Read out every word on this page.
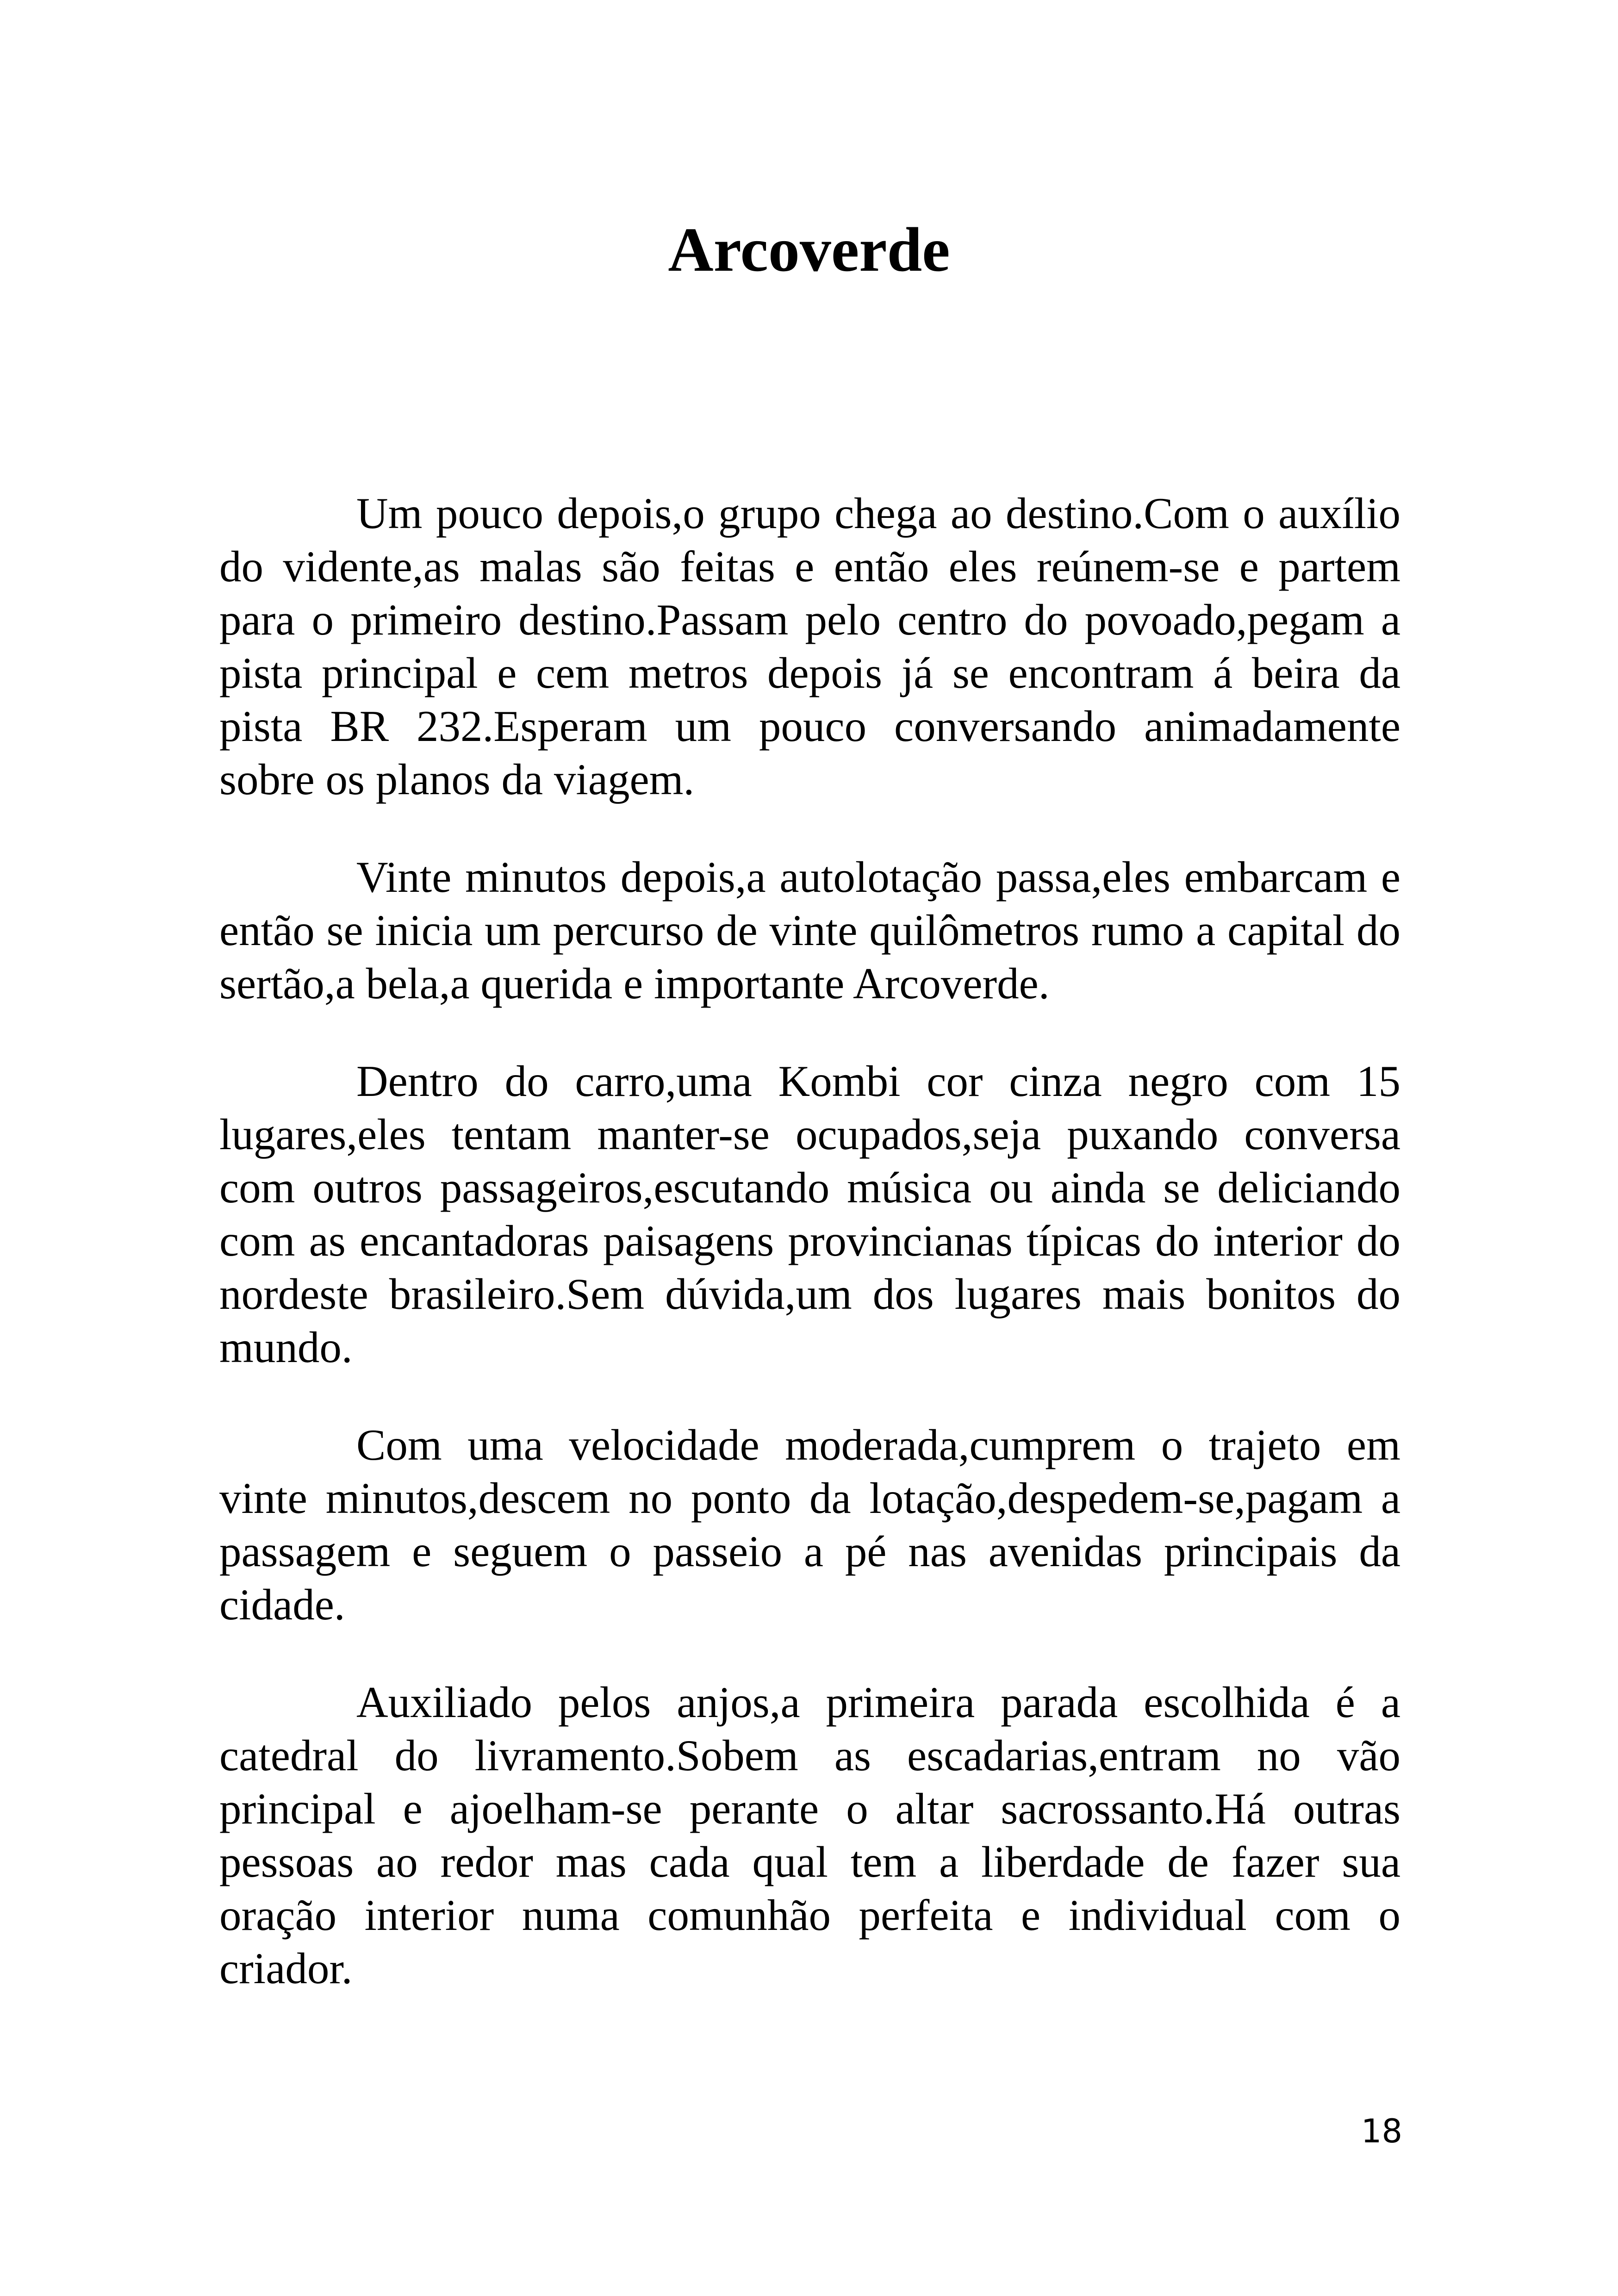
Arcoverde

Um pouco depois,o grupo chega ao destino.Com o auxílio do vidente,as malas são feitas e então eles reúnem-se e partem para o primeiro destino.Passam pelo centro do povoado,pegam a pista principal e cem metros depois já se encontram á beira da pista BR 232.Esperam um pouco conversando animadamente sobre os planos da viagem.

Vinte minutos depois,a autolotação passa,eles embarcam e então se inicia um percurso de vinte quilômetros rumo a capital do sertão,a bela,a querida e importante Arcoverde.

Dentro do carro,uma Kombi cor cinza negro com 15 lugares,eles tentam manter-se ocupados,seja puxando conversa com outros passageiros,escutando música ou ainda se deliciando com as encantadoras paisagens provincianas típicas do interior do nordeste brasileiro.Sem dúvida,um dos lugares mais bonitos do mundo.

Com uma velocidade moderada,cumprem o trajeto em vinte minutos,descem no ponto da lotação,despedem-se,pagam a passagem e seguem o passeio a pé nas avenidas principais da cidade.

Auxiliado pelos anjos,a primeira parada escolhida é a catedral do livramento.Sobem as escadarias,entram no vão principal e ajoelham-se perante o altar sacrossanto.Há outras pessoas ao redor mas cada qual tem a liberdade de fazer sua oração interior numa comunhão perfeita e individual com o criador.

18
